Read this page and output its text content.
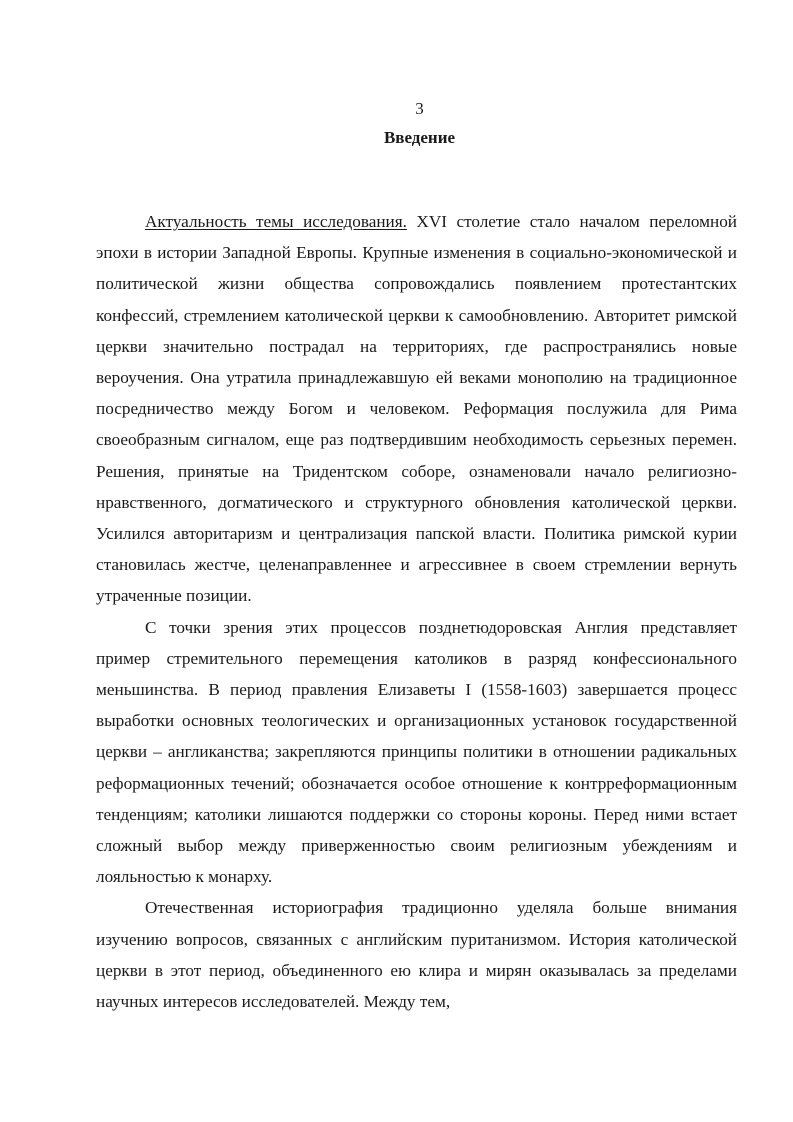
3
Введение

Актуальность темы исследования. XVI столетие стало началом переломной эпохи в истории Западной Европы. Крупные изменения в социально-экономической и политической жизни общества сопровождались появлением протестантских конфессий, стремлением католической церкви к самообновлению. Авторитет римской церкви значительно пострадал на территориях, где распространялись новые вероучения. Она утратила принадлежавшую ей веками монополию на традиционное посредничество между Богом и человеком. Реформация послужила для Рима своеобразным сигналом, еще раз подтвердившим необходимость серьезных перемен. Решения, принятые на Тридентском соборе, ознаменовали начало религиозно-нравственного, догматического и структурного обновления католической церкви. Усилился авторитаризм и централизация папской власти. Политика римской курии становилась жестче, целенаправленнее и агрессивнее в своем стремлении вернуть утраченные позиции.

С точки зрения этих процессов позднетюдоровская Англия представляет пример стремительного перемещения католиков в разряд конфессионального меньшинства. В период правления Елизаветы I (1558-1603) завершается процесс выработки основных теологических и организационных установок государственной церкви – англиканства; закрепляются принципы политики в отношении радикальных реформационных течений; обозначается особое отношение к контрреформационным тенденциям; католики лишаются поддержки со стороны короны. Перед ними встает сложный выбор между приверженностью своим религиозным убеждениям и лояльностью к монарху.

Отечественная историография традиционно уделяла больше внимания изучению вопросов, связанных с английским пуританизмом. История католической церкви в этот период, объединенного ею клира и мирян оказывалась за пределами научных интересов исследователей. Между тем,
